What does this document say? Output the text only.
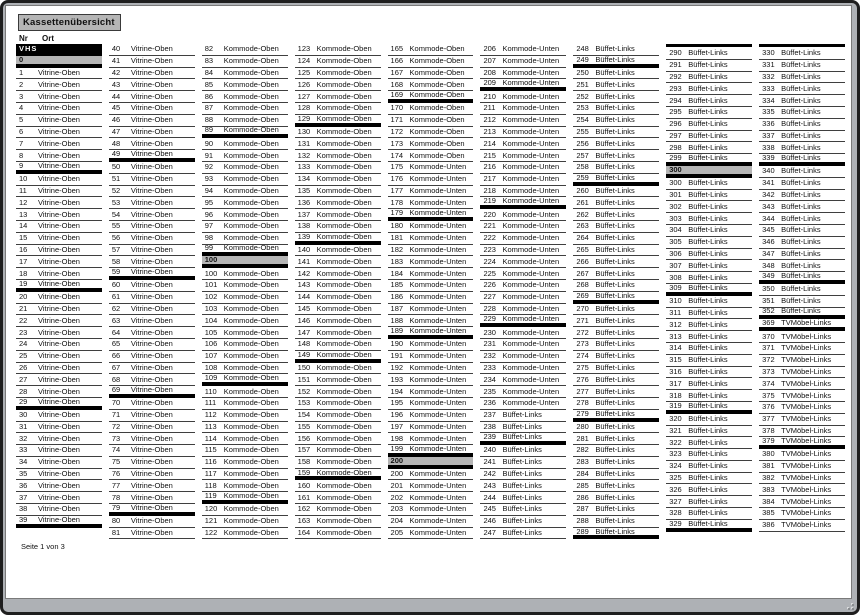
Kassettenübersicht
Nr Ort
VHS
0
1	Vitrine-Oben
2	Vitrine-Oben
3	Vitrine-Oben
4	Vitrine-Oben
5	Vitrine-Oben
6	Vitrine-Oben
7	Vitrine-Oben
8	Vitrine-Oben
9	Vitrine-Oben
10	Vitrine-Oben
11	Vitrine-Oben
12	Vitrine-Oben
13	Vitrine-Oben
14	Vitrine-Oben
15	Vitrine-Oben
16	Vitrine-Oben
17	Vitrine-Oben
18	Vitrine-Oben
19	Vitrine-Oben
20	Vitrine-Oben
21	Vitrine-Oben
22	Vitrine-Oben
23	Vitrine-Oben
24	Vitrine-Oben
25	Vitrine-Oben
26	Vitrine-Oben
27	Vitrine-Oben
28	Vitrine-Oben
29	Vitrine-Oben
30	Vitrine-Oben
31	Vitrine-Oben
32	Vitrine-Oben
33	Vitrine-Oben
34	Vitrine-Oben
35	Vitrine-Oben
36	Vitrine-Oben
37	Vitrine-Oben
38	Vitrine-Oben
39	Vitrine-Oben
40	Vitrine-Oben
41	Vitrine-Oben
42	Vitrine-Oben
43	Vitrine-Oben
44	Vitrine-Oben
45	Vitrine-Oben
46	Vitrine-Oben
47	Vitrine-Oben
48	Vitrine-Oben
49	Vitrine-Oben
50	Vitrine-Oben
51	Vitrine-Oben
52	Vitrine-Oben
53	Vitrine-Oben
54	Vitrine-Oben
55	Vitrine-Oben
56	Vitrine-Oben
57	Vitrine-Oben
58	Vitrine-Oben
59	Vitrine-Oben
60	Vitrine-Oben
61	Vitrine-Oben
62	Vitrine-Oben
63	Vitrine-Oben
64	Vitrine-Oben
65	Vitrine-Oben
66	Vitrine-Oben
67	Vitrine-Oben
68	Vitrine-Oben
69	Vitrine-Oben
70	Vitrine-Oben
71	Vitrine-Oben
72	Vitrine-Oben
73	Vitrine-Oben
74	Vitrine-Oben
75	Vitrine-Oben
76	Vitrine-Oben
77	Vitrine-Oben
78	Vitrine-Oben
79	Vitrine-Oben
80	Vitrine-Oben
81	Vitrine-Oben
82	Kommode-Oben
83	Kommode-Oben
84	Kommode-Oben
85	Kommode-Oben
86	Kommode-Oben
87	Kommode-Oben
88	Kommode-Oben
89	Kommode-Oben
90	Kommode-Oben
91	Kommode-Oben
92	Kommode-Oben
93	Kommode-Oben
94	Kommode-Oben
95	Kommode-Oben
96	Kommode-Oben
97	Kommode-Oben
98	Kommode-Oben
99	Kommode-Oben
100
100 Kommode-Oben
101 Kommode-Oben
102 Kommode-Oben
103 Kommode-Oben
104 Kommode-Oben
105 Kommode-Oben
106 Kommode-Oben
107 Kommode-Oben
108 Kommode-Oben
109 Kommode-Oben
110 Kommode-Oben
111	Kommode-Oben
112 Kommode-Oben
113 Kommode-Oben
114 Kommode-Oben
115 Kommode-Oben
116 Kommode-Oben
117 Kommode-Oben
118 Kommode-Oben
119 Kommode-Oben
120 Kommode-Oben
121 Kommode-Oben
122 Kommode-Oben
123 Kommode-Oben
124 Kommode-Oben
125 Kommode-Oben
126 Kommode-Oben
127 Kommode-Oben
128 Kommode-Oben
129 Kommode-Oben
130 Kommode-Oben
131 Kommode-Oben
132 Kommode-Oben
133 Kommode-Oben
134 Kommode-Oben
135 Kommode-Oben
136 Kommode-Oben
137 Kommode-Oben
138 Kommode-Oben
139 Kommode-Oben
140 Kommode-Oben
141 Kommode-Oben
142 Kommode-Oben
143 Kommode-Oben
144 Kommode-Oben
145 Kommode-Oben
146 Kommode-Oben
147 Kommode-Oben
148 Kommode-Oben
149 Kommode-Oben
150 Kommode-Oben
151 Kommode-Oben
152 Kommode-Oben
153 Kommode-Oben
154 Kommode-Oben
155 Kommode-Oben
156 Kommode-Oben
157 Kommode-Oben
158 Kommode-Oben
159 Kommode-Oben
160 Kommode-Oben
161 Kommode-Oben
162 Kommode-Oben
163 Kommode-Oben
164 Kommode-Oben
165 Kommode-Oben
166 Kommode-Oben
167 Kommode-Oben
168 Kommode-Oben
169 Kommode-Oben
170 Kommode-Oben
171 Kommode-Oben
172 Kommode-Oben
173 Kommode-Oben
174 Kommode-Oben
175 Kommode-Unten
176 Kommode-Unten
177 Kommode-Unten
178 Kommode-Unten
179 Kommode-Unten
180 Kommode-Unten
181 Kommode-Unten
182 Kommode-Unten
183 Kommode-Unten
184 Kommode-Unten
185 Kommode-Unten
186 Kommode-Unten
187 Kommode-Unten
188 Kommode-Unten
189 Kommode-Unten
190 Kommode-Unten
191 Kommode-Unten
192 Kommode-Unten
193 Kommode-Unten
194 Kommode-Unten
195 Kommode-Unten
196 Kommode-Unten
197 Kommode-Unten
198 Kommode-Unten
199 Kommode-Unten
200
200 Kommode-Unten
201 Kommode-Unten
202 Kommode-Unten
203 Kommode-Unten
204 Kommode-Unten
205 Kommode-Unten
206 Kommode-Unten
207 Kommode-Unten
208 Kommode-Unten
209 Kommode-Unten
210 Kommode-Unten
211 Kommode-Unten
212 Kommode-Unten
213 Kommode-Unten
214 Kommode-Unten
215 Kommode-Unten
216 Kommode-Unten
217 Kommode-Unten
218 Kommode-Unten
219 Kommode-Unten
220 Kommode-Unten
221 Kommode-Unten
222 Kommode-Unten
223 Kommode-Unten
224 Kommode-Unten
225 Kommode-Unten
226 Kommode-Unten
227 Kommode-Unten
228 Kommode-Unten
229 Kommode-Unten
230 Kommode-Unten
231 Kommode-Unten
232 Kommode-Unten
233 Kommode-Unten
234 Kommode-Unten
235 Kommode-Unten
236 Kommode-Unten
237 Büffet-Links
238 Büffet-Links
239 Büffet-Links
240 Büffet-Links
241 Büffet-Links
242 Büffet-Links
243 Büffet-Links
244 Büffet-Links
245 Büffet-Links
246 Büffet-Links
247 Büffet-Links
248 Büffet-Links
249 Büffet-Links
250 Büffet-Links
251 Büffet-Links
252 Büffet-Links
253 Büffet-Links
254 Büffet-Links
255 Büffet-Links
256 Büffet-Links
257 Büffet-Links
258 Büffet-Links
259 Büffet-Links
260 Büffet-Links
261 Büffet-Links
262 Büffet-Links
263 Büffet-Links
264 Büffet-Links
265 Büffet-Links
266 Büffet-Links
267 Büffet-Links
268 Büffet-Links
269 Büffet-Links
270 Büffet-Links
271 Büffet-Links
272 Büffet-Links
273 Büffet-Links
274 Büffet-Links
275 Büffet-Links
276 Büffet-Links
277 Büffet-Links
278 Büffet-Links
279 Büffet-Links
280 Büffet-Links
281 Büffet-Links
282 Büffet-Links
283 Büffet-Links
284 Büffet-Links
285 Büffet-Links
286 Büffet-Links
287 Büffet-Links
288 Büffet-Links
289 Büffet-Links
290 Büffet-Links
291 Büffet-Links
292 Büffet-Links
293 Büffet-Links
294 Büffet-Links
295 Büffet-Links
296 Büffet-Links
297 Büffet-Links
298 Büffet-Links
299 Büffet-Links
300
300 Büffet-Links
301 Büffet-Links
302 Büffet-Links
303 Büffet-Links
304 Büffet-Links
305 Büffet-Links
306 Büffet-Links
307 Büffet-Links
308 Büffet-Links
309 Büffet-Links
310 Büffet-Links
311 Büffet-Links
312 Büffet-Links
313 Büffet-Links
314 Büffet-Links
315 Büffet-Links
316 Büffet-Links
317 Büffet-Links
318 Büffet-Links
319 Büffet-Links
320 Büffet-Links
321 Büffet-Links
322 Büffet-Links
323 Büffet-Links
324 Büffet-Links
325 Büffet-Links
326 Büffet-Links
327 Büffet-Links
328 Büffet-Links
329 Büffet-Links
330 Büffet-Links
331 Büffet-Links
332 Büffet-Links
333 Büffet-Links
334 Büffet-Links
335 Büffet-Links
336 Büffet-Links
337 Büffet-Links
338 Büffet-Links
339 Büffet-Links
340 Büffet-Links
341 Büffet-Links
342 Büffet-Links
343 Büffet-Links
344 Büffet-Links
345 Büffet-Links
346 Büffet-Links
347 Büffet-Links
348 Büffet-Links
349 Büffet-Links
350 Büffet-Links
351 Büffet-Links
352 Büffet-Links
369 TVMöbel-Links
370 TVMöbel-Links
371 TVMöbel-Links
372 TVMöbel-Links
373 TVMöbel-Links
374 TVMöbel-Links
375 TVMöbel-Links
376 TVMöbel-Links
377 TVMöbel-Links
378 TVMöbel-Links
379 TVMöbel-Links
380 TVMöbel-Links
381 TVMöbel-Links
382 TVMöbel-Links
383 TVMöbel-Links
384 TVMöbel-Links
385 TVMöbel-Links
386 TVMöbel-Links
Seite 1 von 3
